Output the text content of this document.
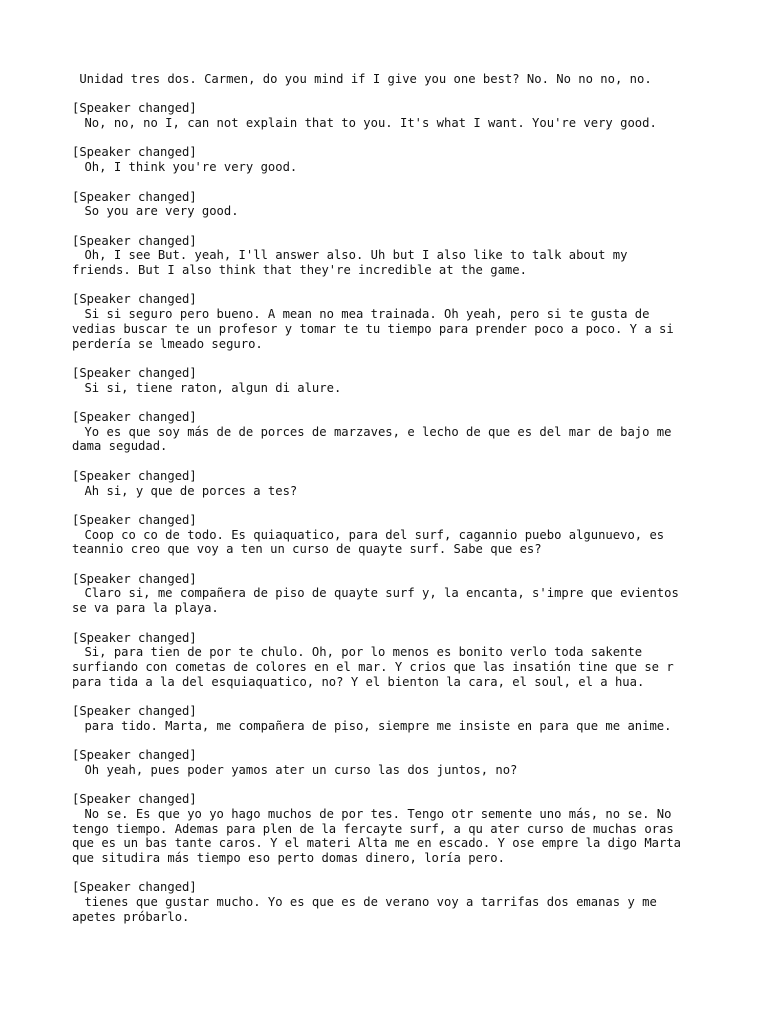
Unidad tres dos. Carmen, do you mind if I give you one best? No. No no no, no.
[Speaker changed]
No, no, no I, can not explain that to you. It's what I want. You're very good.
[Speaker changed]
Oh, I think you're very good.
[Speaker changed]
So you are very good.
[Speaker changed]
Oh, I see But. yeah, I'll answer also. Uh but I also like to talk about my
friends. But I also think that they're incredible at the game.
[Speaker changed]
Si si seguro pero bueno. A mean no mea trainada. Oh yeah, pero si te gusta de
vedias buscar te un profesor y tomar te tu tiempo para prender poco a poco. Y a si
perdería se lmeado seguro.
[Speaker changed]
Si si, tiene raton, algun di alure.
[Speaker changed]
Yo es que soy más de de porces de marzaves, e lecho de que es del mar de bajo me
dama segudad.
[Speaker changed]
Ah si, y que de porces a tes?
[Speaker changed]
Coop co co de todo. Es quiaquatico, para del surf, cagannio puebo algunuevo, es
teannio creo que voy a ten un curso de quayte surf. Sabe que es?
[Speaker changed]
Claro si, me compañera de piso de quayte surf y, la encanta, s'impre que evientos
se va para la playa.
[Speaker changed]
Si, para tien de por te chulo. Oh, por lo menos es bonito verlo toda sakente
surfiando con cometas de colores en el mar. Y crios que las insatión tine que se r
para tida a la del esquiaquatico, no? Y el bienton la cara, el soul, el a hua.
[Speaker changed]
para tido. Marta, me compañera de piso, siempre me insiste en para que me anime.
[Speaker changed]
Oh yeah, pues poder yamos ater un curso las dos juntos, no?
[Speaker changed]
No se. Es que yo yo hago muchos de por tes. Tengo otr semente uno más, no se. No
tengo tiempo. Ademas para plen de la fercayte surf, a qu ater curso de muchas oras
que es un bas tante caros. Y el materi Alta me en escado. Y ose empre la digo Marta
que situdira más tiempo eso perto domas dinero, loría pero.
[Speaker changed]
tienes que gustar mucho. Yo es que es de verano voy a tarrifas dos emanas y me
apetes próbarlo.
